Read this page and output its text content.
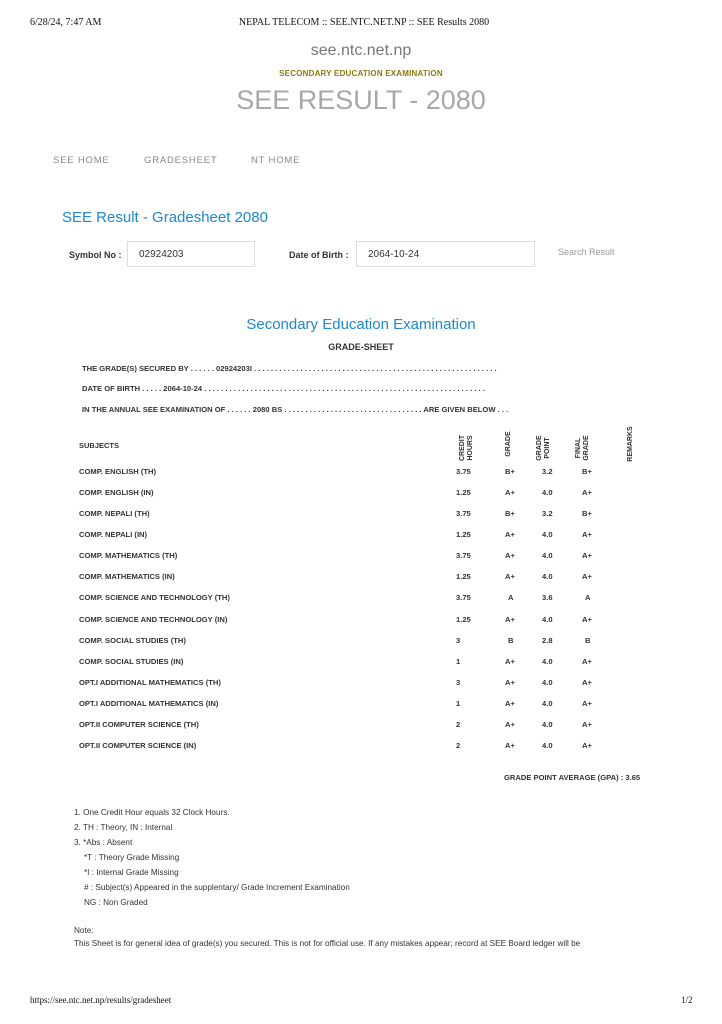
6/28/24, 7:47 AM	NEPAL TELECOM :: SEE.NTC.NET.NP :: SEE Results 2080
see.ntc.net.np
SECONDARY EDUCATION EXAMINATION
SEE RESULT - 2080
SEE HOME	GRADESHEET	NT HOME
SEE Result - Gradesheet 2080
Symbol No :
02924203	Date of Birth :
2064-10-24	Search Result
Secondary Education Examination
GRADE-SHEET
THE GRADE(S) SECURED BY . . . . . . 02924203I . . . . . . . . . . . . . . . . . . . . . . . . . . . . . . . . . . . . . . . . . . . . . . . . . . . . . . . . . .
DATE OF BIRTH . . . . . 2064-10-24 . . . . . . . . . . . . . . . . . . . . . . . . . . . . . . . . . . . . . . . . . . . . . . . . . . . . . . . . . . . . . . . . . . .
IN THE ANNUAL SEE EXAMINATION OF . . . . . . 2080 BS . . . . . . . . . . . . . . . . . . . . . . . . . . . . . . . . . ARE GIVEN BELOW . . .
SUBJECTS	CREDIT HOURS	GRADE	GRADE POINT	FINAL GRADE	REMARKS
COMP. ENGLISH (TH)	3.75	B+	3.2	B+
COMP. ENGLISH (IN)	1.25	A+	4.0	A+
COMP. NEPALI (TH)	3.75	B+	3.2	B+
COMP. NEPALI (IN)	1.25	A+	4.0	A+
COMP. MATHEMATICS (TH)	3.75	A+	4.0	A+
COMP. MATHEMATICS (IN)	1.25	A+	4.0	A+
COMP. SCIENCE AND TECHNOLOGY (TH)	3.75	A	3.6	A
COMP. SCIENCE AND TECHNOLOGY (IN)	1.25	A+	4.0	A+
COMP. SOCIAL STUDIES (TH)	3	B	2.8	B
COMP. SOCIAL STUDIES (IN)	1	A+	4.0	A+
OPT.I ADDITIONAL MATHEMATICS (TH)	3	A+	4.0	A+
OPT.I ADDITIONAL MATHEMATICS (IN)	1	A+	4.0	A+
OPT.II COMPUTER SCIENCE (TH)	2	A+	4.0	A+
OPT.II COMPUTER SCIENCE (IN)	2	A+	4.0	A+
GRADE POINT AVERAGE (GPA) : 3.65
1. One Credit Hour equals 32 Clock Hours.
2. TH : Theory, IN : Internal
3. *Abs : Absent
*T : Theory Grade Missing
*I : Internal Grade Missing
# : Subject(s) Appeared in the supplentary/ Grade Increment Examination
NG : Non Graded
Note:
This Sheet is for general idea of grade(s) you secured. This is not for official use. If any mistakes appear; record at SEE Board ledger will be
https://see.ntc.net.np/results/gradesheet	1/2
